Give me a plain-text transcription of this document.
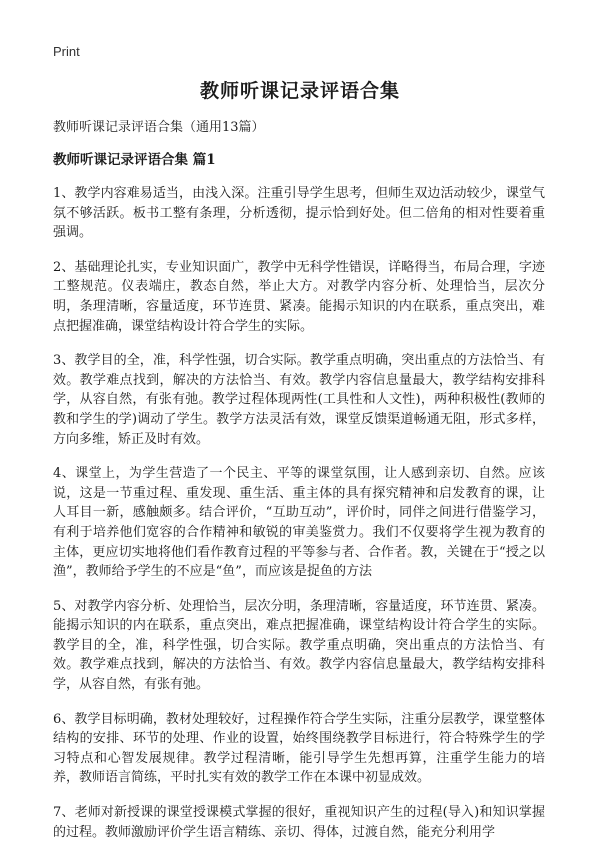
Print
教师听课记录评语合集

教师听课记录评语合集（通用13篇）

教师听课记录评语合集 篇1

1、教学内容难易适当，由浅入深。注重引导学生思考，但师生双边活动较少，课堂气氛不够活跃。板书工整有条理，分析透彻，提示恰到好处。但二倍角的相对性要着重强调。

2、基础理论扎实，专业知识面广，教学中无科学性错误，详略得当，布局合理，字迹工整规范。仪表端庄，教态自然，举止大方。对教学内容分析、处理恰当，层次分明，条理清晰，容量适度，环节连贯、紧凑。能揭示知识的内在联系，重点突出，难点把握准确，课堂结构设计符合学生的实际。

3、教学目的全，准，科学性强，切合实际。教学重点明确，突出重点的方法恰当、有效。教学难点找到，解决的方法恰当、有效。教学内容信息量最大，教学结构安排科学，从容自然，有张有弛。教学过程体现两性(工具性和人文性)，两种积极性(教师的教和学生的学)调动了学生。教学方法灵活有效，课堂反馈渠道畅通无阻，形式多样，方向多维，矫正及时有效。

4、课堂上，为学生营造了一个民主、平等的课堂氛围，让人感到亲切、自然。应该说，这是一节重过程、重发现、重生活、重主体的具有探究精神和启发教育的课，让人耳目一新，感触颇多。结合评价，“互助互动”，评价时，同伴之间进行借鉴学习，有利于培养他们宽容的合作精神和敏锐的审美鉴赏力。我们不仅要将学生视为教育的主体，更应切实地将他们看作教育过程的平等参与者、合作者。教，关键在于“授之以渔”，教师给予学生的不应是“鱼”，而应该是捉鱼的方法

5、对教学内容分析、处理恰当，层次分明，条理清晰，容量适度，环节连贯、紧凑。能揭示知识的内在联系，重点突出，难点把握准确，课堂结构设计符合学生的实际。教学目的全，准，科学性强，切合实际。教学重点明确，突出重点的方法恰当、有效。教学难点找到，解决的方法恰当、有效。教学内容信息量最大，教学结构安排科学，从容自然，有张有弛。

6、教学目标明确，教材处理较好，过程操作符合学生实际，注重分层教学，课堂整体结构的安排、环节的处理、作业的设置，始终围绕教学目标进行，符合特殊学生的学习特点和心智发展规律。教学过程清晰，能引导学生先想再算，注重学生能力的培养，教师语言简练，平时扎实有效的教学工作在本课中初显成效。

7、老师对新授课的课堂授课模式掌握的很好，重视知识产生的过程(导入)和知识掌握的过程。教师激励评价学生语言精练、亲切、得体，过渡自然，能充分利用学
